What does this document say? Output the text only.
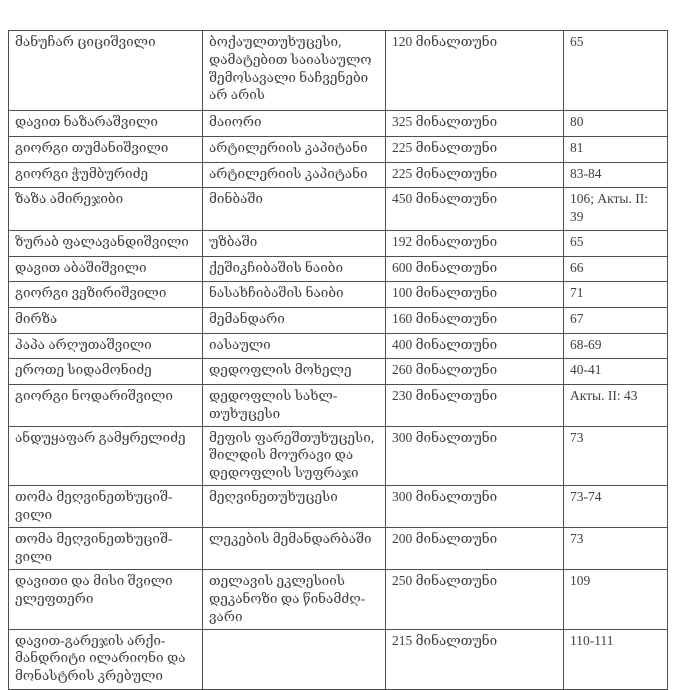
მანუჩარ ციციშვილი	ბოქაულთუხუცესი, დამატებით საიასაულო შემოსავალი ნაჩვენები არ არის	120 მინალთუნი	65
დავით ნაზარაშვილი	მაიორი	325 მინალთუნი	80
გიორგი თუმანიშვილი	არტილერიის კაპიტანი	225 მინალთუნი	81
გიორგი ჭუმბურიძე	არტილერიის კაპიტანი	225 მინალთუნი	83-84
ზაზა ამირეჯიბი	მინბაში	450 მინალთუნი	106; Акты. II: 39
ზურაბ ფალავანდიშვილი	უზბაში	192 მინალთუნი	65
დავით აბაშიშვილი	ქეშიკჩიბაშის ნაიბი	600 მინალთუნი	66
გიორგი ვეზირიშვილი	ნასახჩიბაშის ნაიბი	100 მინალთუნი	71
მირზა	მემანდარი	160 მინალთუნი	67
პაპა არღუთაშვილი	იასაული	400 მინალთუნი	68-69
ეროთე სიდამონიძე	დედოფლის მოხელე	260 მინალთუნი	40-41
გიორგი ნოდარიშვილი	დედოფლის სახლ-თუხუცესი	230 მინალთუნი	Акты. II: 43
ანდუყაფარ გამყრელიძე	მეფის ფარეშთუხუცესი, შილდის მოურავი და დედოფლის სუფრაჯი	300 მინალთუნი	73
თომა მეღვინეთხუციშ-ვილი	მეღვინეთუხუცესი	300 მინალთუნი	73-74
თომა მეღვინეთხუციშ-ვილი	ლეკების მემანდარბაში	200 მინალთუნი	73
დავითი და მისი შვილი ელეფთერი	თელავის ეკლესიის დეკანოზი და წინამძღ-ვარი	250 მინალთუნი	109
დავით-გარეჯის არქი-მანდრიტი ილარიონი და მონასტრის კრებული		215 მინალთუნი	110-111
